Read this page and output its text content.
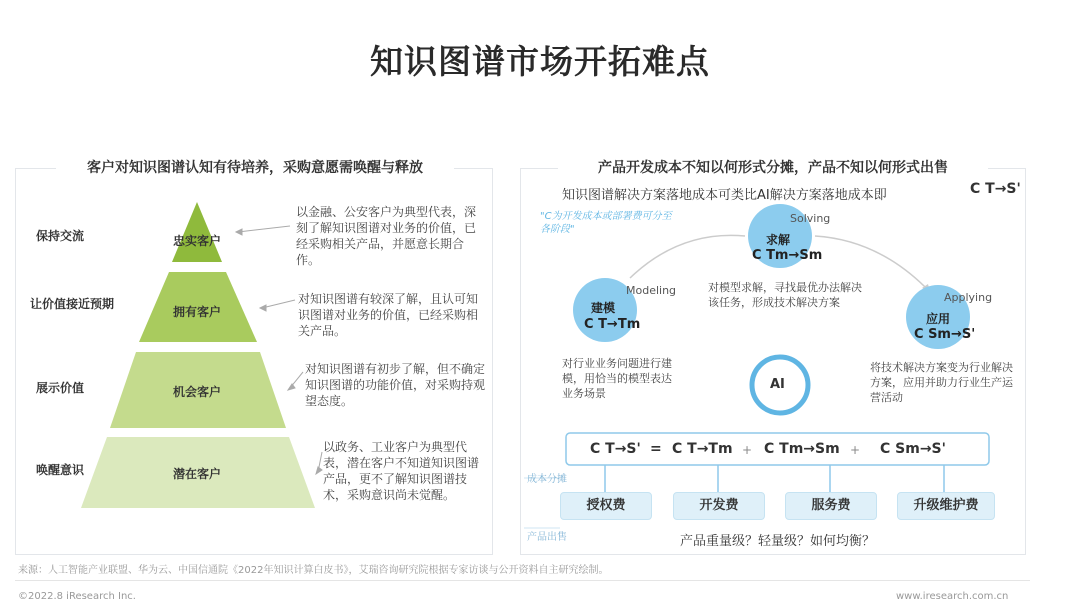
知识图谱市场开拓难点
客户对知识图谱认知有待培养，采购意愿需唤醒与释放
保持交流
让价值接近预期
展示价值
唤醒意识
忠实客户
拥有客户
机会客户
潜在客户
以金融、公安客户为典型代表，深刻了解知识图谱对业务的价值，已经采购相关产品，并愿意长期合作。
对知识图谱有较深了解，且认可知识图谱对业务的价值，已经采购相关产品。
对知识图谱有初步了解，但不确定知识图谱的功能价值，对采购持观望态度。
以政务、工业客户为典型代表，潜在客户不知道知识图谱产品，更不了解知识图谱技术，采购意识尚未觉醒。
产品开发成本不知以何形式分摊，产品不知以何形式出售
知识图谱解决方案落地成本可类比AI解决方案落地成本即	C T→S'
"C为开发成本或部署费可分至各阶段"
Modeling
建模
C T→Tm
对行业业务问题进行建模，用恰当的模型表达业务场景
Solving
求解
C Tm→Sm
对模型求解，寻找最优办法解决该任务，形成技术解决方案	Applying
应用
C Sm→S'
将技术解决方案变为行业解决方案，应用并助力行业生产运营活动
AI
C T→S' = C T→Tm + C Tm→Sm + C Sm→S'
成本分摊
产品出售
授权费	开发费	服务费	升级维护费
产品重量级？轻量级？如何均衡？
来源：人工智能产业联盟、华为云、中国信通院《2022年知识计算白皮书》，艾瑞咨询研究院根据专家访谈与公开资料自主研究绘制。
©2022.8 iResearch Inc.	www.iresearch.com.cn
